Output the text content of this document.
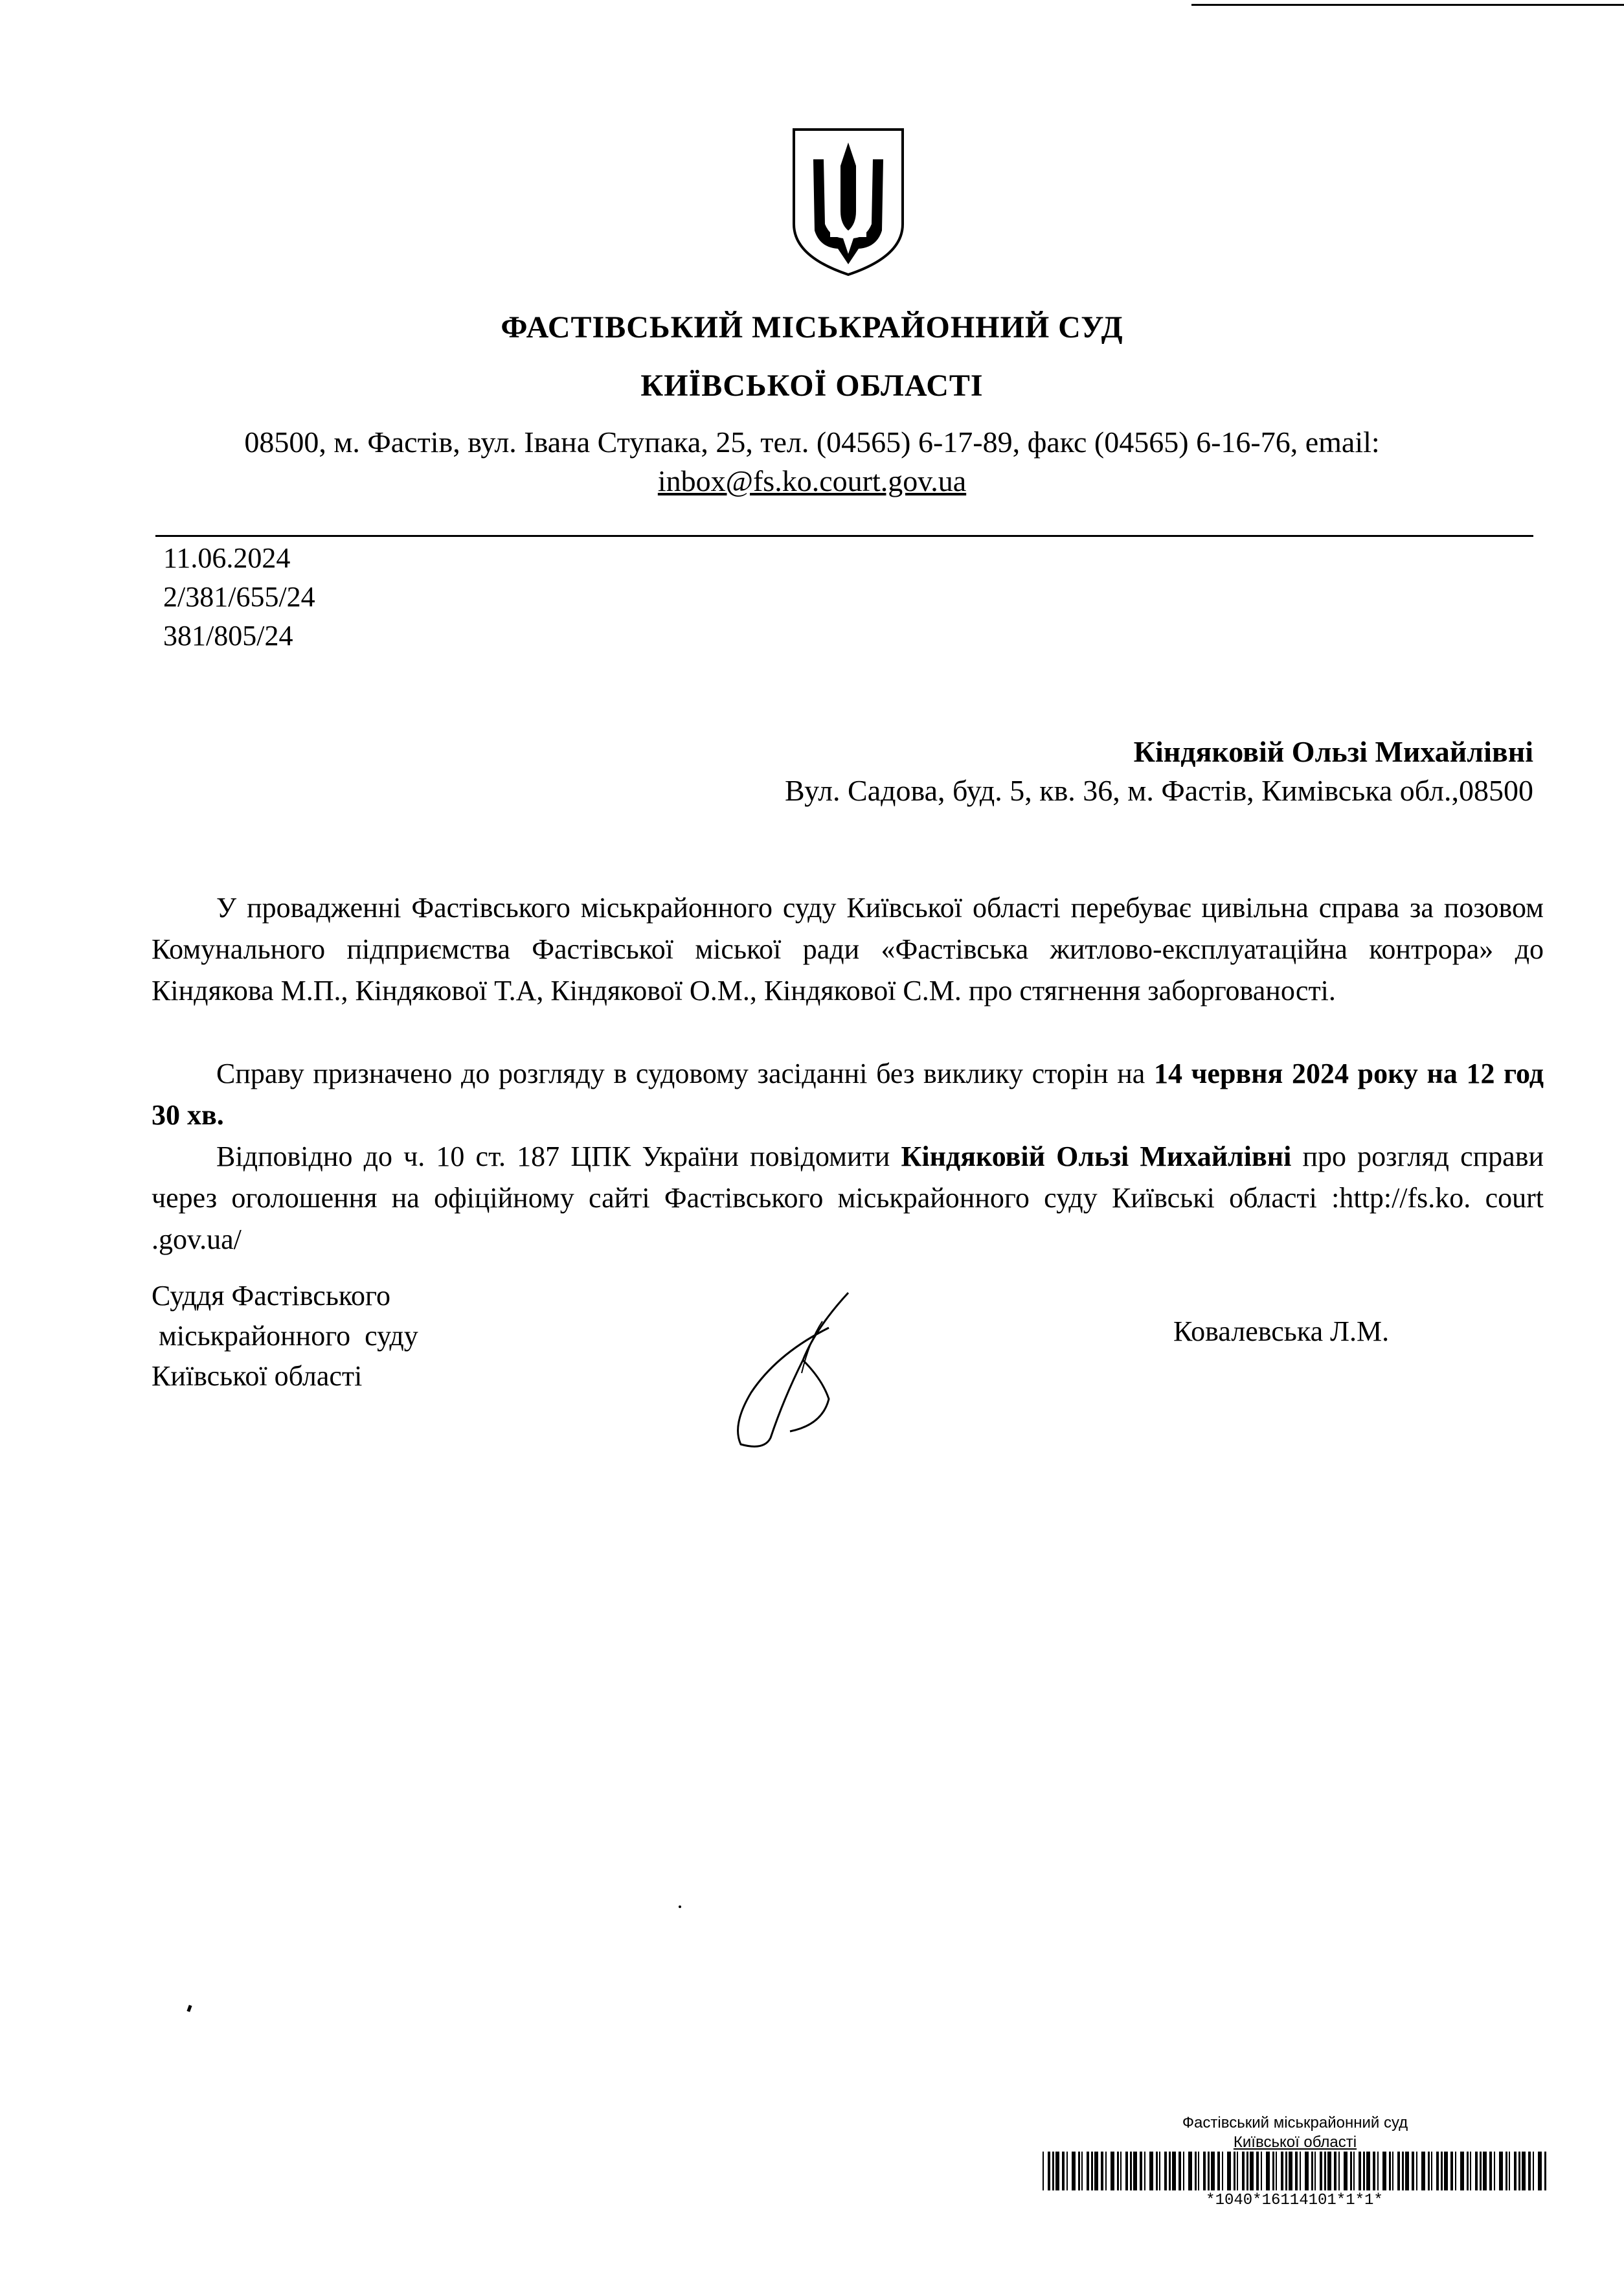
ФАСТІВСЬКИЙ МІСЬКРАЙОННИЙ СУД
КИЇВСЬКОЇ ОБЛАСТІ
08500, м. Фастів, вул. Івана Ступака, 25, тел. (04565) 6-17-89, факс (04565) 6-16-76, email:
inbox@fs.ko.court.gov.ua
11.06.2024
2/381/655/24
381/805/24
Кіндяковій Ользі Михайлівні
Вул. Садова, буд. 5, кв. 36, м. Фастів, Кимівська обл.,08500
У провадженні Фастівського міськрайонного суду Київської області перебуває цивільна справа за позовом Комунального підприємства Фастівської міської ради «Фастівська житлово-експлуатаційна контрора» до Кіндякова М.П., Кіндякової Т.А, Кіндякової О.М., Кіндякової С.М. про стягнення заборгованості.
Справу призначено до розгляду в судовому засіданні без виклику сторін на 14 червня 2024 року на 12 год 30 хв.
Відповідно до ч. 10 ст. 187 ЦПК України повідомити Кіндяковій Ользі Михайлівні про розгляд справи через оголошення на офіційному сайті Фастівського міськрайонного суду Київські області :http://fs.ko. court .gov.ua/
Суддя Фастівського
міськрайонного  суду
Київської області
Ковалевська Л.М.
Фастівський міськрайонний суд
Київської області
*1040*16114101*1*1*
